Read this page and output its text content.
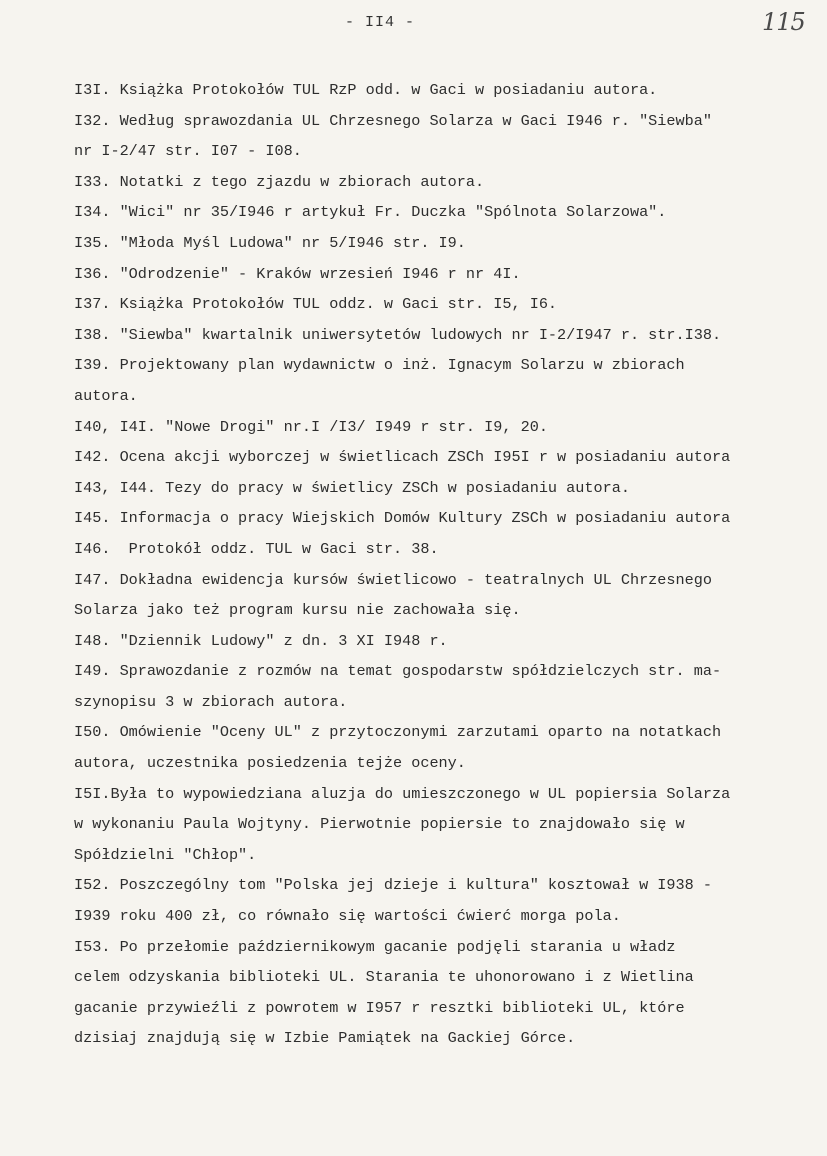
- II4 -	115
I3I. Książka Protokołów TUL RzP odd. w Gaci w posiadaniu autora.
I32. Według sprawozdania UL Chrzesnego Solarza w Gaci I946 r. "Siewba"
nr I-2/47 str. I07 - I08.
I33. Notatki z tego zjazdu w zbiorach autora.
I34. "Wici" nr 35/I946 r artykuł Fr. Duczka "Spólnota Solarzowa".
I35. "Młoda Myśl Ludowa" nr 5/I946 str. I9.
I36. "Odrodzenie" - Kraków wrzesień I946 r nr 4I.
I37. Książka Protokołów TUL oddz. w Gaci str. I5, I6.
I38. "Siewba" kwartalnik uniwersytetów ludowych nr I-2/I947 r. str.I38.
I39. Projektowany plan wydawnictw o inż. Ignacym Solarzu w zbiorach
autora.
I40, I4I. "Nowe Drogi" nr.I /I3/ I949 r str. I9, 20.
I42. Ocena akcji wyborczej w świetlicach ZSCh I95I r w posiadaniu autora
I43, I44. Tezy do pracy w świetlicy ZSCh w posiadaniu autora.
I45. Informacja o pracy Wiejskich Domów Kultury ZSCh w posiadaniu autora
I46.  Protokół oddz. TUL w Gaci str. 38.
I47. Dokładna ewidencja kursów świetlicowo - teatralnych UL Chrzesnego
Solarza jako też program kursu nie zachowała się.
I48. "Dziennik Ludowy" z dn. 3 XI I948 r.
I49. Sprawozdanie z rozmów na temat gospodarstw spółdzielczych str. ma-
szynopisu 3 w zbiorach autora.
I50. Omówienie "Oceny UL" z przytoczonymi zarzutami oparto na notatkach
autora, uczestnika posiedzenia tejże oceny.
I5I.Była to wypowiedziana aluzja do umieszczonego w UL popiersia Solarza
w wykonaniu Paula Wojtyny. Pierwotnie popiersie to znajdowało się w
Spółdzielni "Chłop".
I52. Poszczególny tom "Polska jej dzieje i kultura" kosztował w I938 -
I939 roku 400 zł, co równało się wartości ćwierć morga pola.
I53. Po przełomie październikowym gacanie podjęli starania u władz
celem odzyskania biblioteki UL. Starania te uhonorowano i z Wietlina
gacanie przywieźli z powrotem w I957 r resztki biblioteki UL, które
dzisiaj znajdują się w Izbie Pamiątek na Gackiej Górce.
